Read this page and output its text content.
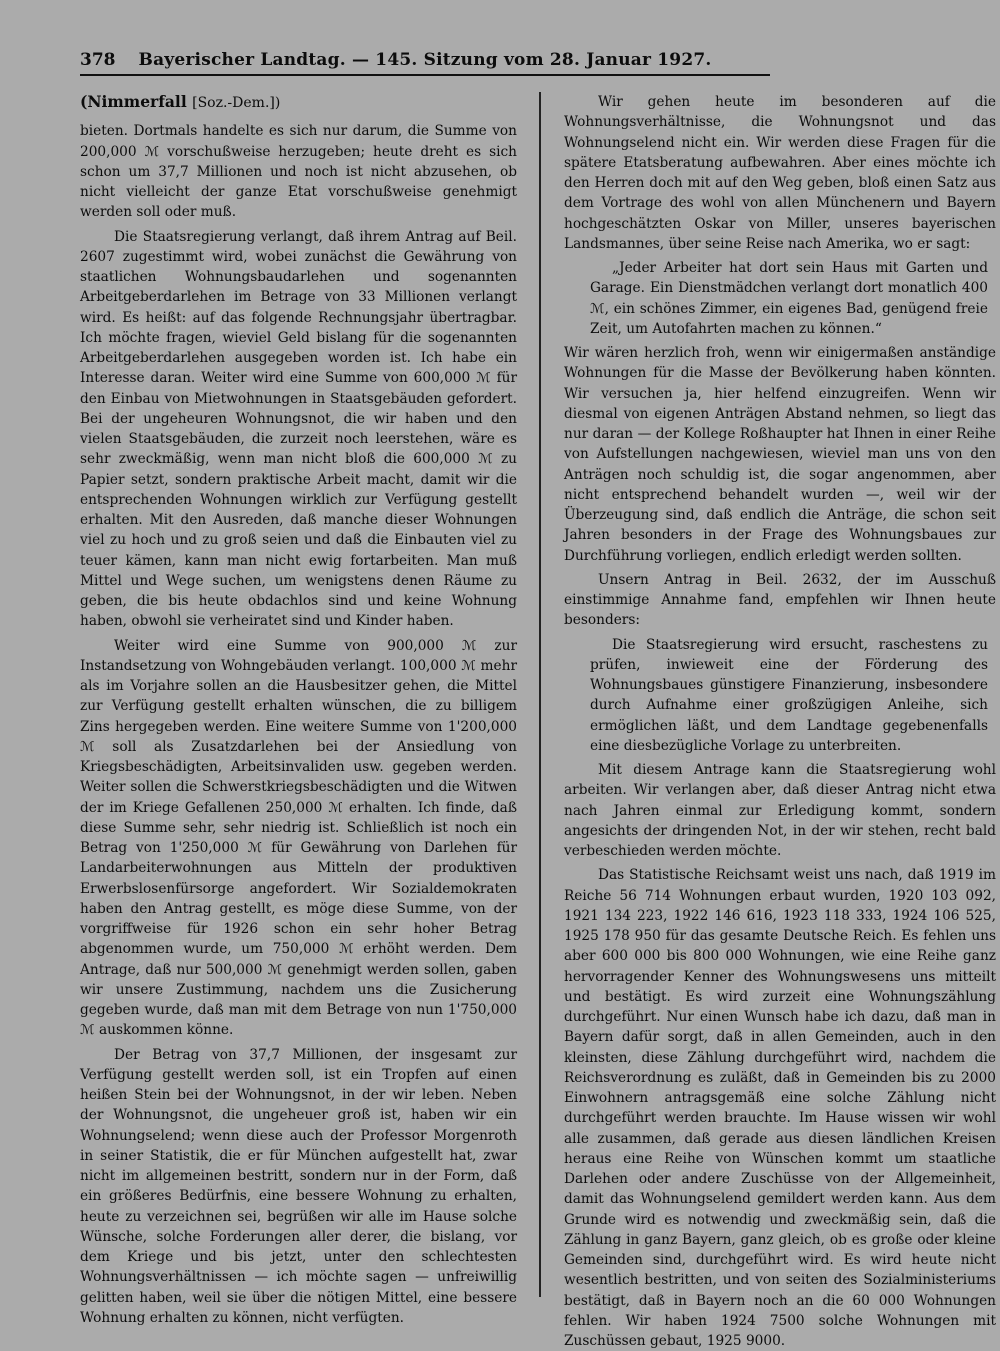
378	Bayerischer Landtag. — 145. Sitzung vom 28. Januar 1927.
(Nimmerfall [Soz.-Dem.])

bieten. Dortmals handelte es sich nur darum, die Summe von 200,000 ℳ vorschußweise herzugeben; heute dreht es sich schon um 37,7 Millionen und noch ist nicht abzusehen, ob nicht vielleicht der ganze Etat vorschußweise genehmigt werden soll oder muß.

Die Staatsregierung verlangt, daß ihrem Antrag auf Beil. 2607 zugestimmt wird, wobei zunächst die Gewährung von staatlichen Wohnungsbaudarlehen und sogenannten Arbeitgeberdarlehen im Betrage von 33 Millionen verlangt wird. Es heißt: auf das folgende Rechnungsjahr übertragbar. Ich möchte fragen, wieviel Geld bislang für die sogenannten Arbeitgeberdarlehen ausgegeben worden ist. Ich habe ein Interesse daran. Weiter wird eine Summe von 600,000 ℳ für den Einbau von Mietwohnungen in Staatsgebäuden gefordert. Bei der ungeheuren Wohnungsnot, die wir haben und den vielen Staatsgebäuden, die zurzeit noch leerstehen, wäre es sehr zweckmäßig, wenn man nicht bloß die 600,000 ℳ zu Papier setzt, sondern praktische Arbeit macht, damit wir die entsprechenden Wohnungen wirklich zur Verfügung gestellt erhalten. Mit den Ausreden, daß manche dieser Wohnungen viel zu hoch und zu groß seien und daß die Einbauten viel zu teuer kämen, kann man nicht ewig fortarbeiten. Man muß Mittel und Wege suchen, um wenigstens denen Räume zu geben, die bis heute obdachlos sind und keine Wohnung haben, obwohl sie verheiratet sind und Kinder haben.

Weiter wird eine Summe von 900,000 ℳ zur Instandsetzung von Wohngebäuden verlangt. 100,000 ℳ mehr als im Vorjahre sollen an die Hausbesitzer gehen, die Mittel zur Verfügung gestellt erhalten wünschen, die zu billigem Zins hergegeben werden. Eine weitere Summe von 1'200,000 ℳ soll als Zusatzdarlehen bei der Ansiedlung von Kriegsbeschädigten, Arbeitsinvaliden usw. gegeben werden. Weiter sollen die Schwerstkriegsbeschädigten und die Witwen der im Kriege Gefallenen 250,000 ℳ erhalten. Ich finde, daß diese Summe sehr, sehr niedrig ist. Schließlich ist noch ein Betrag von 1'250,000 ℳ für Gewährung von Darlehen für Landarbeiterwohnungen aus Mitteln der produktiven Erwerbslosenfürsorge angefordert. Wir Sozialdemokraten haben den Antrag gestellt, es möge diese Summe, von der vorgriffweise für 1926 schon ein sehr hoher Betrag abgenommen wurde, um 750,000 ℳ erhöht werden. Dem Antrage, daß nur 500,000 ℳ genehmigt werden sollen, gaben wir unsere Zustimmung, nachdem uns die Zusicherung gegeben wurde, daß man mit dem Betrage von nun 1'750,000 ℳ auskommen könne.

Der Betrag von 37,7 Millionen, der insgesamt zur Verfügung gestellt werden soll, ist ein Tropfen auf einen heißen Stein bei der Wohnungsnot, in der wir leben. Neben der Wohnungsnot, die ungeheuer groß ist, haben wir ein Wohnungselend; wenn diese auch der Professor Morgenroth in seiner Statistik, die er für München aufgestellt hat, zwar nicht im allgemeinen bestritt, sondern nur in der Form, daß ein größeres Bedürfnis, eine bessere Wohnung zu erhalten, heute zu verzeichnen sei, begrüßen wir alle im Hause solche Wünsche, solche Forderungen aller derer, die bislang, vor dem Kriege und bis jetzt, unter den schlechtesten Wohnungsverhältnissen — ich möchte sagen — unfreiwillig gelitten haben, weil sie über die nötigen Mittel, eine bessere Wohnung erhalten zu können, nicht verfügten.

Wir gehen heute im besonderen auf die Wohnungsverhältnisse, die Wohnungsnot und das Wohnungselend nicht ein. Wir werden diese Fragen für die spätere Etatsberatung aufbewahren. Aber eines möchte ich den Herren doch mit auf den Weg geben, bloß einen Satz aus dem Vortrage des wohl von allen Münchenern und Bayern hochgeschätzten Oskar von Miller, unseres bayerischen Landsmannes, über seine Reise nach Amerika, wo er sagt:

„Jeder Arbeiter hat dort sein Haus mit Garten und Garage. Ein Dienstmädchen verlangt dort monatlich 400 ℳ, ein schönes Zimmer, ein eigenes Bad, genügend freie Zeit, um Autofahrten machen zu können.“

Wir wären herzlich froh, wenn wir einigermaßen anständige Wohnungen für die Masse der Bevölkerung haben könnten. Wir versuchen ja, hier helfend einzugreifen. Wenn wir diesmal von eigenen Anträgen Abstand nehmen, so liegt das nur daran — der Kollege Roßhaupter hat Ihnen in einer Reihe von Aufstellungen nachgewiesen, wieviel man uns von den Anträgen noch schuldig ist, die sogar angenommen, aber nicht entsprechend behandelt wurden —, weil wir der Überzeugung sind, daß endlich die Anträge, die schon seit Jahren besonders in der Frage des Wohnungsbaues zur Durchführung vorliegen, endlich erledigt werden sollten.

Unsern Antrag in Beil. 2632, der im Ausschuß einstimmige Annahme fand, empfehlen wir Ihnen heute besonders:

Die Staatsregierung wird ersucht, raschestens zu prüfen, inwieweit eine der Förderung des Wohnungsbaues günstigere Finanzierung, insbesondere durch Aufnahme einer großzügigen Anleihe, sich ermöglichen läßt, und dem Landtage gegebenenfalls eine diesbezügliche Vorlage zu unterbreiten.

Mit diesem Antrage kann die Staatsregierung wohl arbeiten. Wir verlangen aber, daß dieser Antrag nicht etwa nach Jahren einmal zur Erledigung kommt, sondern angesichts der dringenden Not, in der wir stehen, recht bald verbeschieden werden möchte.

Das Statistische Reichsamt weist uns nach, daß 1919 im Reiche 56 714 Wohnungen erbaut wurden, 1920 103 092, 1921 134 223, 1922 146 616, 1923 118 333, 1924 106 525, 1925 178 950 für das gesamte Deutsche Reich. Es fehlen uns aber 600 000 bis 800 000 Wohnungen, wie eine Reihe ganz hervorragender Kenner des Wohnungswesens uns mitteilt und bestätigt. Es wird zurzeit eine Wohnungszählung durchgeführt. Nur einen Wunsch habe ich dazu, daß man in Bayern dafür sorgt, daß in allen Gemeinden, auch in den kleinsten, diese Zählung durchgeführt wird, nachdem die Reichsverordnung es zuläßt, daß in Gemeinden bis zu 2000 Einwohnern antragsgemäß eine solche Zählung nicht durchgeführt werden brauchte. Im Hause wissen wir wohl alle zusammen, daß gerade aus diesen ländlichen Kreisen heraus eine Reihe von Wünschen kommt um staatliche Darlehen oder andere Zuschüsse von der Allgemeinheit, damit das Wohnungselend gemildert werden kann. Aus dem Grunde wird es notwendig und zweckmäßig sein, daß die Zählung in ganz Bayern, ganz gleich, ob es große oder kleine Gemeinden sind, durchgeführt wird. Es wird heute nicht wesentlich bestritten, und von seiten des Sozialministeriums bestätigt, daß in Bayern noch an die 60 000 Wohnungen fehlen. Wir haben 1924 7500 solche Wohnungen mit Zuschüssen gebaut, 1925 9000.
